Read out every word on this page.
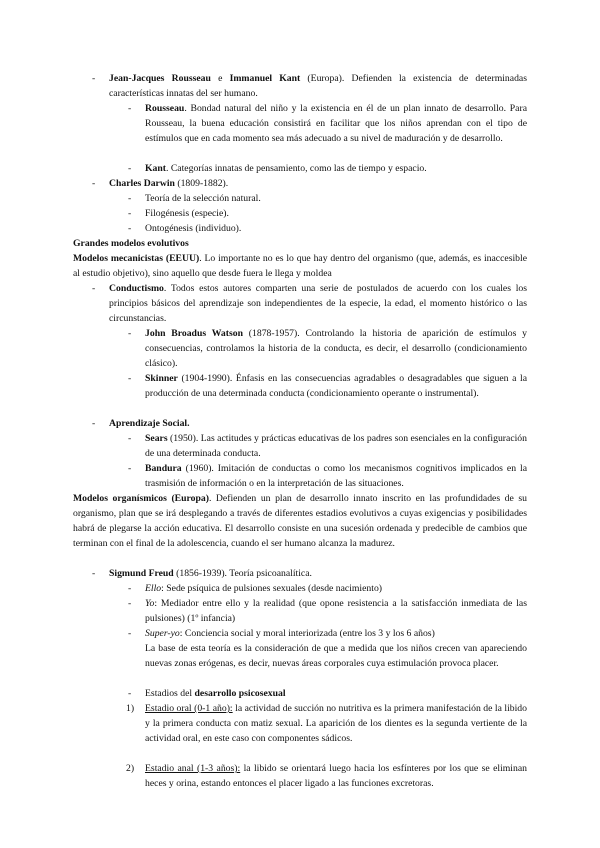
- Jean-Jacques Rousseau e Immanuel Kant (Europa). Defienden la existencia de determinadas características innatas del ser humano.
- Rousseau. Bondad natural del niño y la existencia en él de un plan innato de desarrollo. Para Rousseau, la buena educación consistirá en facilitar que los niños aprendan con el tipo de estímulos que en cada momento sea más adecuado a su nivel de maduración y de desarrollo.
- Kant. Categorías innatas de pensamiento, como las de tiempo y espacio.
- Charles Darwin (1809-1882).
- Teoría de la selección natural.
- Filogénesis (especie).
- Ontogénesis (individuo).
Grandes modelos evolutivos
Modelos mecanicistas (EEUU). Lo importante no es lo que hay dentro del organismo (que, además, es inaccesible al estudio objetivo), sino aquello que desde fuera le llega y moldea
- Conductismo. Todos estos autores comparten una serie de postulados de acuerdo con los cuales los principios básicos del aprendizaje son independientes de la especie, la edad, el momento histórico o las circunstancias.
- John Broadus Watson (1878-1957). Controlando la historia de aparición de estímulos y consecuencias, controlamos la historia de la conducta, es decir, el desarrollo (condicionamiento clásico).
- Skinner (1904-1990). Énfasis en las consecuencias agradables o desagradables que siguen a la producción de una determinada conducta (condicionamiento operante o instrumental).
- Aprendizaje Social.
- Sears (1950). Las actitudes y prácticas educativas de los padres son esenciales en la configuración de una determinada conducta.
- Bandura (1960). Imitación de conductas o como los mecanismos cognitivos implicados en la trasmisión de información o en la interpretación de las situaciones.
Modelos organísmicos (Europa). Defienden un plan de desarrollo innato inscrito en las profundidades de su organismo, plan que se irá desplegando a través de diferentes estadios evolutivos a cuyas exigencias y posibilidades habrá de plegarse la acción educativa. El desarrollo consiste en una sucesión ordenada y predecible de cambios que terminan con el final de la adolescencia, cuando el ser humano alcanza la madurez.
- Sigmund Freud (1856-1939). Teoría psicoanalítica.
- Ello: Sede psíquica de pulsiones sexuales (desde nacimiento)
- Yo: Mediador entre ello y la realidad (que opone resistencia a la satisfacción inmediata de las pulsiones) (1º infancia)
- Super-yo: Conciencia social y moral interiorizada (entre los 3 y los 6 años)
La base de esta teoría es la consideración de que a medida que los niños crecen van apareciendo nuevas zonas erógenas, es decir, nuevas áreas corporales cuya estimulación provoca placer.
- Estadios del desarrollo psicosexual
1) Estadio oral (0-1 año): la actividad de succión no nutritiva es la primera manifestación de la libido y la primera conducta con matiz sexual. La aparición de los dientes es la segunda vertiente de la actividad oral, en este caso con componentes sádicos.
2) Estadio anal (1-3 años): la libido se orientará luego hacia los esfínteres por los que se eliminan heces y orina, estando entonces el placer ligado a las funciones excretoras.
